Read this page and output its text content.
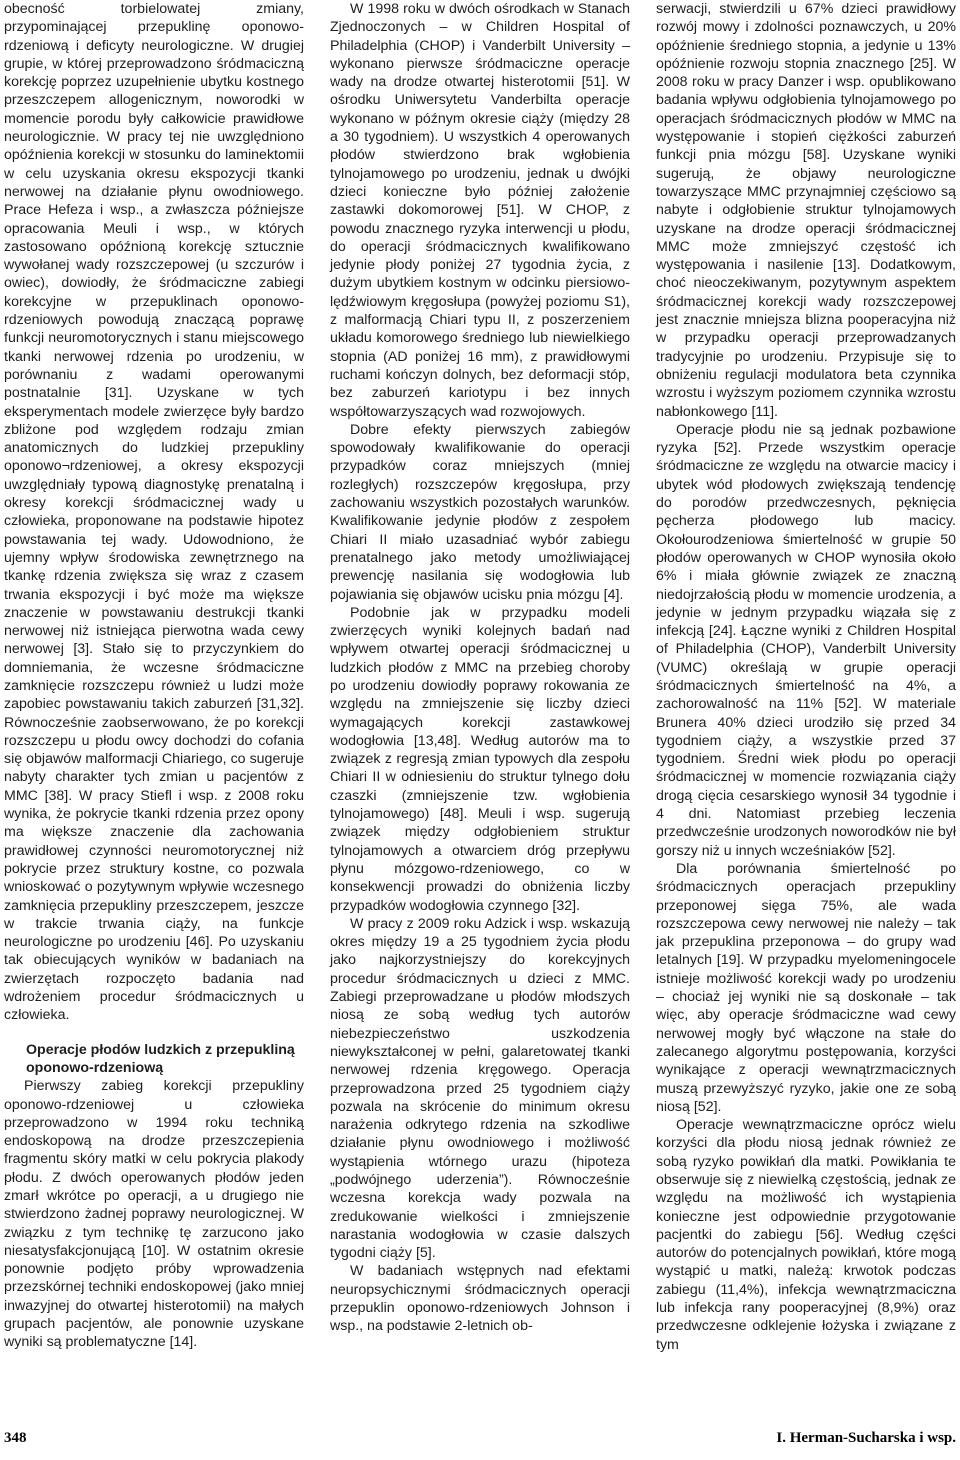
obecność torbielowatej zmiany, przypominającej przepuklinę oponowo-rdzeniową i deficyty neurologiczne. W drugiej grupie, w której przeprowadzono śródmaciczną korekcję poprzez uzupełnienie ubytku kostnego przeszczepem allogenicznym, noworodki w momencie porodu były całkowicie prawidłowe neurologicznie. W pracy tej nie uwzględniono opóźnienia korekcji w stosunku do laminektomii w celu uzyskania okresu ekspozycji tkanki nerwowej na działanie płynu owodniowego. Prace Hefeza i wsp., a zwłaszcza późniejsze opracowania Meuli i wsp., w których zastosowano opóźnioną korekcję sztucznie wywołanej wady rozszczepowej (u szczurów i owiec), dowiodły, że śródmaciczne zabiegi korekcyjne w przepuklinach oponowo-rdzeniowych powodują znaczącą poprawę funkcji neuromotorycznych i stanu miejscowego tkanki nerwowej rdzenia po urodzeniu, w porównaniu z wadami operowanymi postnatalnie [31]. Uzyskane w tych eksperymentach modele zwierzęce były bardzo zbliżone pod względem rodzaju zmian anatomicznych do ludzkiej przepukliny oponowo¬rdzeniowej, a okresy ekspozycji uwzględniały typową diagnostykę prenatalną i okresy korekcji śródmacicznej wady u człowieka, proponowane na podstawie hipotez powstawania tej wady. Udowodniono, że ujemny wpływ środowiska zewnętrznego na tkankę rdzenia zwiększa się wraz z czasem trwania ekspozycji i być może ma większe znaczenie w powstawaniu destrukcji tkanki nerwowej niż istniejąca pierwotna wada cewy nerwowej [3]. Stało się to przyczynkiem do domniemania, że wczesne śródmaciczne zamknięcie rozszczepu również u ludzi może zapobiec powstawaniu takich zaburzeń [31,32]. Równocześnie zaobserwowano, że po korekcji rozszczepu u płodu owcy dochodzi do cofania się objawów malformacji Chiariego, co sugeruje nabyty charakter tych zmian u pacjentów z MMC [38]. W pracy Stiefl i wsp. z 2008 roku wynika, że pokrycie tkanki rdzenia przez opony ma większe znaczenie dla zachowania prawidłowej czynności neuromotorycznej niż pokrycie przez struktury kostne, co pozwala wnioskować o pozytywnym wpływie wczesnego zamknięcia przepukliny przeszczepem, jeszcze w trakcie trwania ciąży, na funkcje neurologiczne po urodzeniu [46]. Po uzyskaniu tak obiecujących wyników w badaniach na zwierzętach rozpoczęto badania nad wdrożeniem procedur śródmacicznych u człowieka.

Operacje płodów ludzkich z przepukliną oponowo-rdzeniową

Pierwszy zabieg korekcji przepukliny oponowo-rdzeniowej u człowieka przeprowadzono w 1994 roku techniką endoskopową na drodze przeszczepienia fragmentu skóry matki w celu pokrycia plakody płodu. Z dwóch operowanych płodów jeden zmarł wkrótce po operacji, a u drugiego nie stwierdzono żadnej poprawy neurologicznej. W związku z tym technikę tę zarzucono jako niesatysfakcjonującą [10]. W ostatnim okresie ponownie podjęto próby wprowadzenia przezskórnej techniki endoskopowej (jako mniej inwazyjnej do otwartej histerotomii) na małych grupach pacjentów, ale ponownie uzyskane wyniki są problematyczne [14].

W 1998 roku w dwóch ośrodkach w Stanach Zjednoczonych – w Children Hospital of Philadelphia (CHOP) i Vanderbilt University – wykonano pierwsze śródmaciczne operacje wady na drodze otwartej histerotomii [51]. W ośrodku Uniwersytetu Vanderbilta operacje wykonano w późnym okresie ciąży (między 28 a 30 tygodniem). U wszystkich 4 operowanych płodów stwierdzono brak wgłobienia tylnojamowego po urodzeniu, jednak u dwójki dzieci konieczne było później założenie zastawki dokomorowej [51]. W CHOP, z powodu znacznego ryzyka interwencji u płodu, do operacji śródmacicznych kwalifikowano jedynie płody poniżej 27 tygodnia życia, z dużym ubytkiem kostnym w odcinku piersiowo-lędźwiowym kręgosłupa (powyżej poziomu S1), z malformacją Chiari typu II, z poszerzeniem układu komorowego średniego lub niewielkiego stopnia (AD poniżej 16 mm), z prawidłowymi ruchami kończyn dolnych, bez deformacji stóp, bez zaburzeń kariotypu i bez innych współtowarzyszących wad rozwojowych.

Dobre efekty pierwszych zabiegów spowodowały kwalifikowanie do operacji przypadków coraz mniejszych (mniej rozległych) rozszczepów kręgosłupa, przy zachowaniu wszystkich pozostałych warunków. Kwalifikowanie jedynie płodów z zespołem Chiari II miało uzasadniać wybór zabiegu prenatalnego jako metody umożliwiającej prewencję nasilania się wodogłowia lub pojawiania się objawów ucisku pnia mózgu [4].

Podobnie jak w przypadku modeli zwierzęcych wyniki kolejnych badań nad wpływem otwartej operacji śródmacicznej u ludzkich płodów z MMC na przebieg choroby po urodzeniu dowiodły poprawy rokowania ze względu na zmniejszenie się liczby dzieci wymagających korekcji zastawkowej wodogłowia [13,48]. Według autorów ma to związek z regresją zmian typowych dla zespołu Chiari II w odniesieniu do struktur tylnego dołu czaszki (zmniejszenie tzw. wgłobienia tylnojamowego) [48]. Meuli i wsp. sugerują związek między odgłobieniem struktur tylnojamowych a otwarciem dróg przepływu płynu mózgowo-rdzeniowego, co w konsekwencji prowadzi do obniżenia liczby przypadków wodogłowia czynnego [32].

W pracy z 2009 roku Adzick i wsp. wskazują okres między 19 a 25 tygodniem życia płodu jako najkorzystniejszy do korekcyjnych procedur śródmacicznych u dzieci z MMC. Zabiegi przeprowadzane u płodów młodszych niosą ze sobą według tych autorów niebezpieczeństwo uszkodzenia niewykształconej w pełni, galaretowatej tkanki nerwowej rdzenia kręgowego. Operacja przeprowadzona przed 25 tygodniem ciąży pozwala na skrócenie do minimum okresu narażenia odkrytego rdzenia na szkodliwe działanie płynu owodniowego i możliwość wystąpienia wtórnego urazu (hipoteza „podwójnego uderzenia”). Równocześnie wczesna korekcja wady pozwala na zredukowanie wielkości i zmniejszenie narastania wodogłowia w czasie dalszych tygodni ciąży [5].

W badaniach wstępnych nad efektami neuropsychicznymi śródmacicznych operacji przepuklin oponowo-rdzeniowych Johnson i wsp., na podstawie 2-letnich ob-

serwacji, stwierdzili u 67% dzieci prawidłowy rozwój mowy i zdolności poznawczych, u 20% opóźnienie średniego stopnia, a jedynie u 13% opóźnienie rozwoju stopnia znacznego [25]. W 2008 roku w pracy Danzer i wsp. opublikowano badania wpływu odgłobienia tylnojamowego po operacjach śródmacicznych płodów w MMC na występowanie i stopień ciężkości zaburzeń funkcji pnia mózgu [58]. Uzyskane wyniki sugerują, że objawy neurologiczne towarzyszące MMC przynajmniej częściowo są nabyte i odgłobienie struktur tylnojamowych uzyskane na drodze operacji śródmacicznej MMC może zmniejszyć częstość ich występowania i nasilenie [13]. Dodatkowym, choć nieoczekiwanym, pozytywnym aspektem śródmacicznej korekcji wady rozszczepowej jest znacznie mniejsza blizna pooperacyjna niż w przypadku operacji przeprowadzanych tradycyjnie po urodzeniu. Przypisuje się to obniżeniu regulacji modulatora beta czynnika wzrostu i wyższym poziomem czynnika wzrostu nabłonkowego [11].

Operacje płodu nie są jednak pozbawione ryzyka [52]. Przede wszystkim operacje śródmaciczne ze względu na otwarcie macicy i ubytek wód płodowych zwiększają tendencję do porodów przedwczesnych, pęknięcia pęcherza płodowego lub macicy. Okołourodzeniowa śmiertelność w grupie 50 płodów operowanych w CHOP wynosiła około 6% i miała głównie związek ze znaczną niedojrzałością płodu w momencie urodzenia, a jedynie w jednym przypadku wiązała się z infekcją [24]. Łączne wyniki z Children Hospital of Philadelphia (CHOP), Vanderbilt University (VUMC) określają w grupie operacji śródmacicznych śmiertelność na 4%, a zachorowalność na 11% [52]. W materiale Brunera 40% dzieci urodziło się przed 34 tygodniem ciąży, a wszystkie przed 37 tygodniem. Średni wiek płodu po operacji śródmacicznej w momencie rozwiązania ciąży drogą cięcia cesarskiego wynosił 34 tygodnie i 4 dni. Natomiast przebieg leczenia przedwcześnie urodzonych noworodków nie był gorszy niż u innych wcześniaków [52].

Dla porównania śmiertelność po śródmacicznych operacjach przepukliny przeponowej sięga 75%, ale wada rozszczepowa cewy nerwowej nie należy – tak jak przepuklina przeponowa – do grupy wad letalnych [19]. W przypadku myelomeningocele istnieje możliwość korekcji wady po urodzeniu – chociaż jej wyniki nie są doskonałe – tak więc, aby operacje śródmaciczne wad cewy nerwowej mogły być włączone na stałe do zalecanego algorytmu postępowania, korzyści wynikające z operacji wewnątrzmacicznych muszą przewyższyć ryzyko, jakie one ze sobą niosą [52].

Operacje wewnątrzmaciczne oprócz wielu korzyści dla płodu niosą jednak również ze sobą ryzyko powikłań dla matki. Powikłania te obserwuje się z niewielką częstością, jednak ze względu na możliwość ich wystąpienia konieczne jest odpowiednie przygotowanie pacjentki do zabiegu [56]. Według części autorów do potencjalnych powikłań, które mogą wystąpić u matki, należą: krwotok podczas zabiegu (11,4%), infekcja wewnątrzmaciczna lub infekcja rany pooperacyjnej (8,9%) oraz przedwczesne odklejenie łożyska i związane z tym

348	I. Herman-Sucharska i wsp.
